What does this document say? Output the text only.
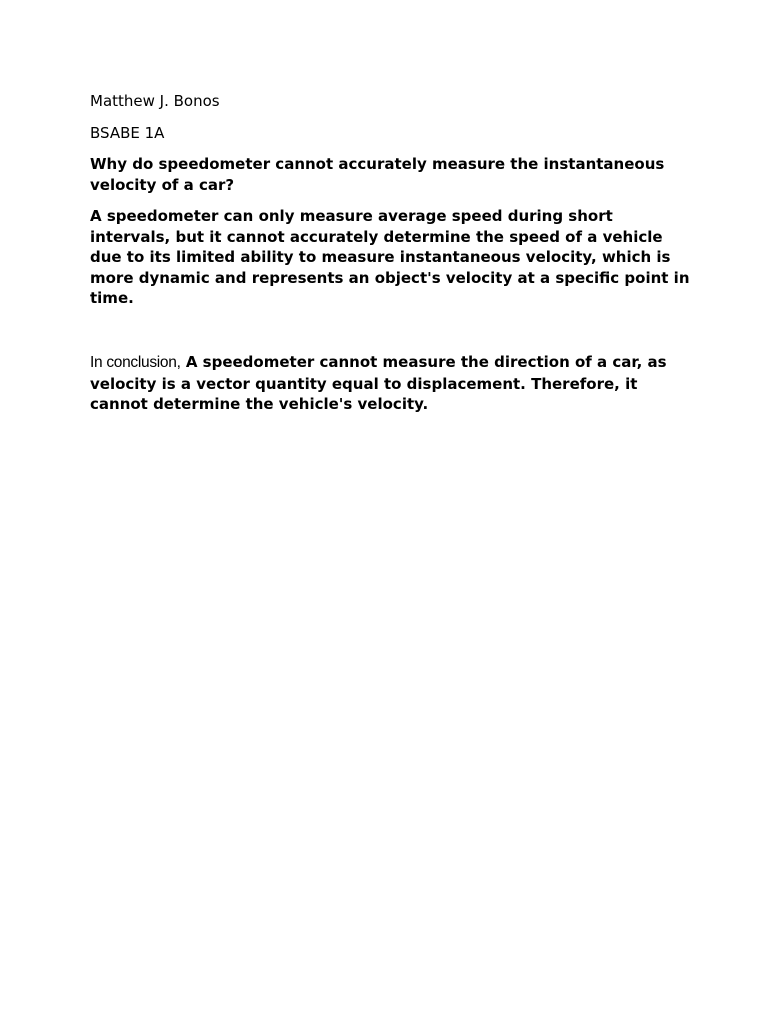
Matthew J. Bonos

BSABE 1A

Why do speedometer cannot accurately measure the instantaneous velocity of a car?

A speedometer can only measure average speed during short intervals, but it cannot accurately determine the speed of a vehicle due to its limited ability to measure instantaneous velocity, which is more dynamic and represents an object's velocity at a specific point in time.

In conclusion, A speedometer cannot measure the direction of a car, as velocity is a vector quantity equal to displacement. Therefore, it cannot determine the vehicle's velocity.
